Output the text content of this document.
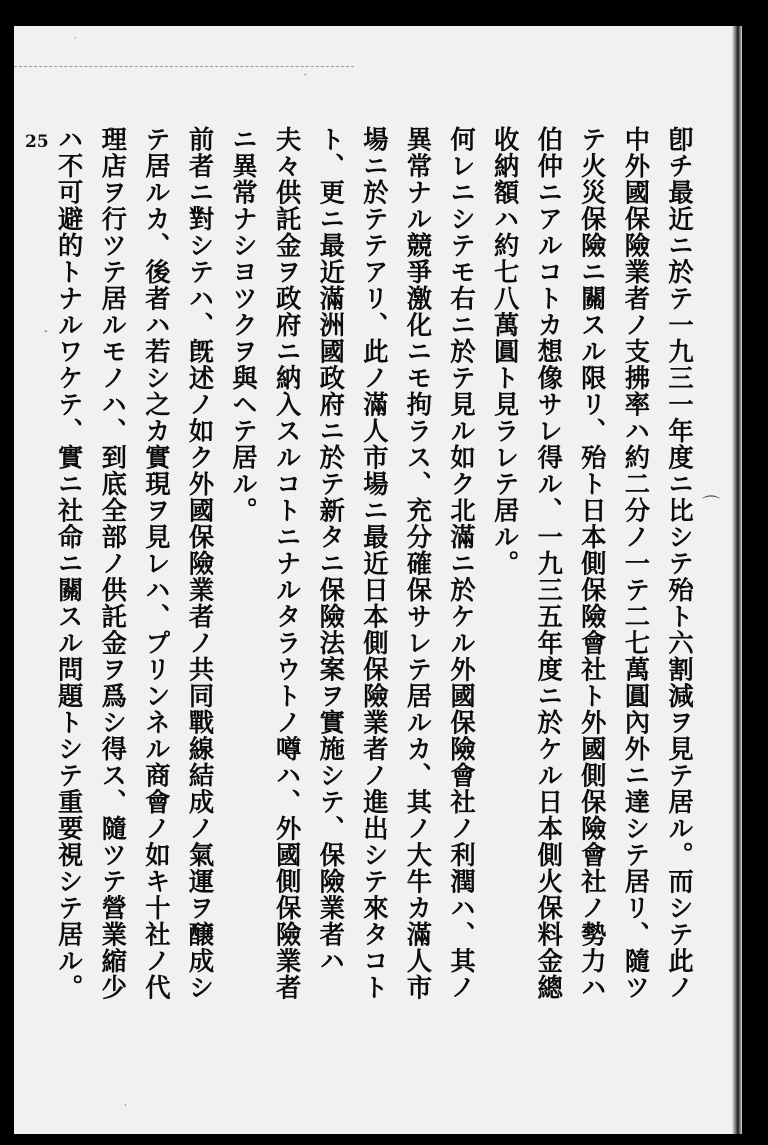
·
-
⌒
-
·
25	卽チ最近ニ於テ一九三一年度ニ比シテ殆ト六割減ヲ見テ居ル。而シテ此ノ中外國保險業者ノ支拂率ハ約二分ノ一テ二七萬圓內外ニ達シテ居リ、隨ツテ火災保險ニ關スル限リ、殆ト日本側保險會社ト外國側保險會社ノ勢力ハ伯仲ニアルコトカ想像サレ得ル、一九三五年度ニ於ケル日本側火保料金總收納額ハ約七八萬圓ト見ラレテ居ル。

何レニシテモ右ニ於テ見ル如ク北滿ニ於ケル外國保險會社ノ利潤ハ、其ノ異常ナル競爭激化ニモ拘ラス、充分確保サレテ居ルカ、其ノ大牛カ滿人市場ニ於テテアリ、此ノ滿人市場ニ最近日本側保險業者ノ進出シテ來タコトト、更ニ最近滿洲國政府ニ於テ新タニ保險法案ヲ實施シテ、保險業者ハ夫々供託金ヲ政府ニ納入スルコトニナルタラウトノ噂ハ、外國側保險業者ニ異常ナシヨツクヲ與ヘテ居ル。

前者ニ對シテハ、旣述ノ如ク外國保險業者ノ共同戰線結成ノ氣運ヲ醸成シテ居ルカ、後者ハ若シ之カ實現ヲ見レハ、プリンネル商會ノ如キ十社ノ代理店ヲ行ツテ居ルモノハ、到底全部ノ供託金ヲ爲シ得ス、隨ツテ營業縮少ハ不可避的トナルワケテ、實ニ社命ニ關スル問題トシテ重要視シテ居ル。
